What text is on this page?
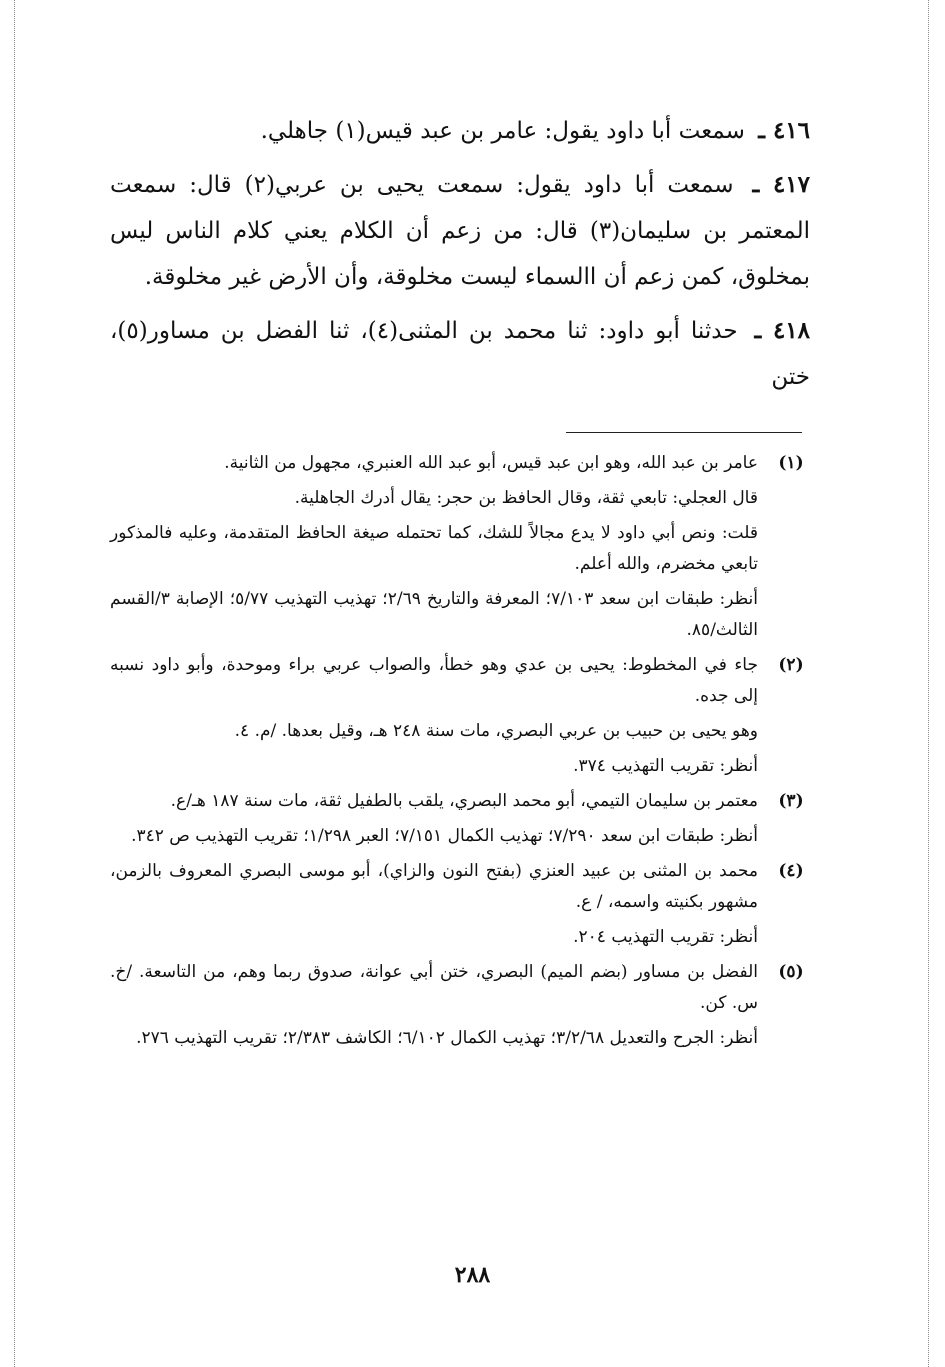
٤١٦ ـ سمعت أبا داود يقول: عامر بن عبد قيس(١) جاهلي.

٤١٧ ـ سمعت أبا داود يقول: سمعت يحيى بن عربي(٢) قال: سمعت المعتمر بن سليمان(٣) قال: من زعم أن الكلام يعني كلام الناس ليس بمخلوق، كمن زعم أن االسماء ليست مخلوقة، وأن الأرض غير مخلوقة.

٤١٨ ـ حدثنا أبو داود: ثنا محمد بن المثنى(٤)، ثنا الفضل بن مساور(٥)، ختن

(١)

عامر بن عبد الله، وهو ابن عبد قيس، أبو عبد الله العنبري، مجهول من الثانية.

قال العجلي: تابعي ثقة، وقال الحافظ بن حجر: يقال أدرك الجاهلية.

قلت: ونص أبي داود لا يدع مجالاً للشك، كما تحتمله صيغة الحافظ المتقدمة، وعليه فالمذكور تابعي مخضرم، والله أعلم.

أنظر: طبقات ابن سعد ٧/١٠٣؛ المعرفة والتاريخ ٢/٦٩؛ تهذيب التهذيب ٥/٧٧؛ الإصابة ٣/القسم الثالث/٨٥.

(٢)

جاء في المخطوط: يحيى بن عدي وهو خطأ، والصواب عربي براء وموحدة، وأبو داود نسبه إلى جده.

وهو يحيى بن حبيب بن عربي البصري، مات سنة ٢٤٨ هـ، وقيل بعدها. /م. ٤.

أنظر: تقريب التهذيب ٣٧٤.

(٣)

معتمر بن سليمان التيمي، أبو محمد البصري، يلقب بالطفيل ثقة، مات سنة ١٨٧ هـ/ع.

أنظر: طبقات ابن سعد ٧/٢٩٠؛ تهذيب الكمال ٧/١٥١؛ العبر ١/٢٩٨؛ تقريب التهذيب ص ٣٤٢.

(٤)

محمد بن المثنى بن عبيد العنزي (بفتح النون والزاي)، أبو موسى البصري المعروف بالزمن، مشهور بكنيته واسمه، / ع.

أنظر: تقريب التهذيب ٢٠٤.

(٥)

الفضل بن مساور (بضم الميم) البصري، ختن أبي عوانة، صدوق ربما وهم، من التاسعة. /خ. س. كن.

أنظر: الجرح والتعديل ٣/٢/٦٨؛ تهذيب الكمال ٦/١٠٢؛ الكاشف ٢/٣٨٣؛ تقريب التهذيب ٢٧٦.

٢٨٨
